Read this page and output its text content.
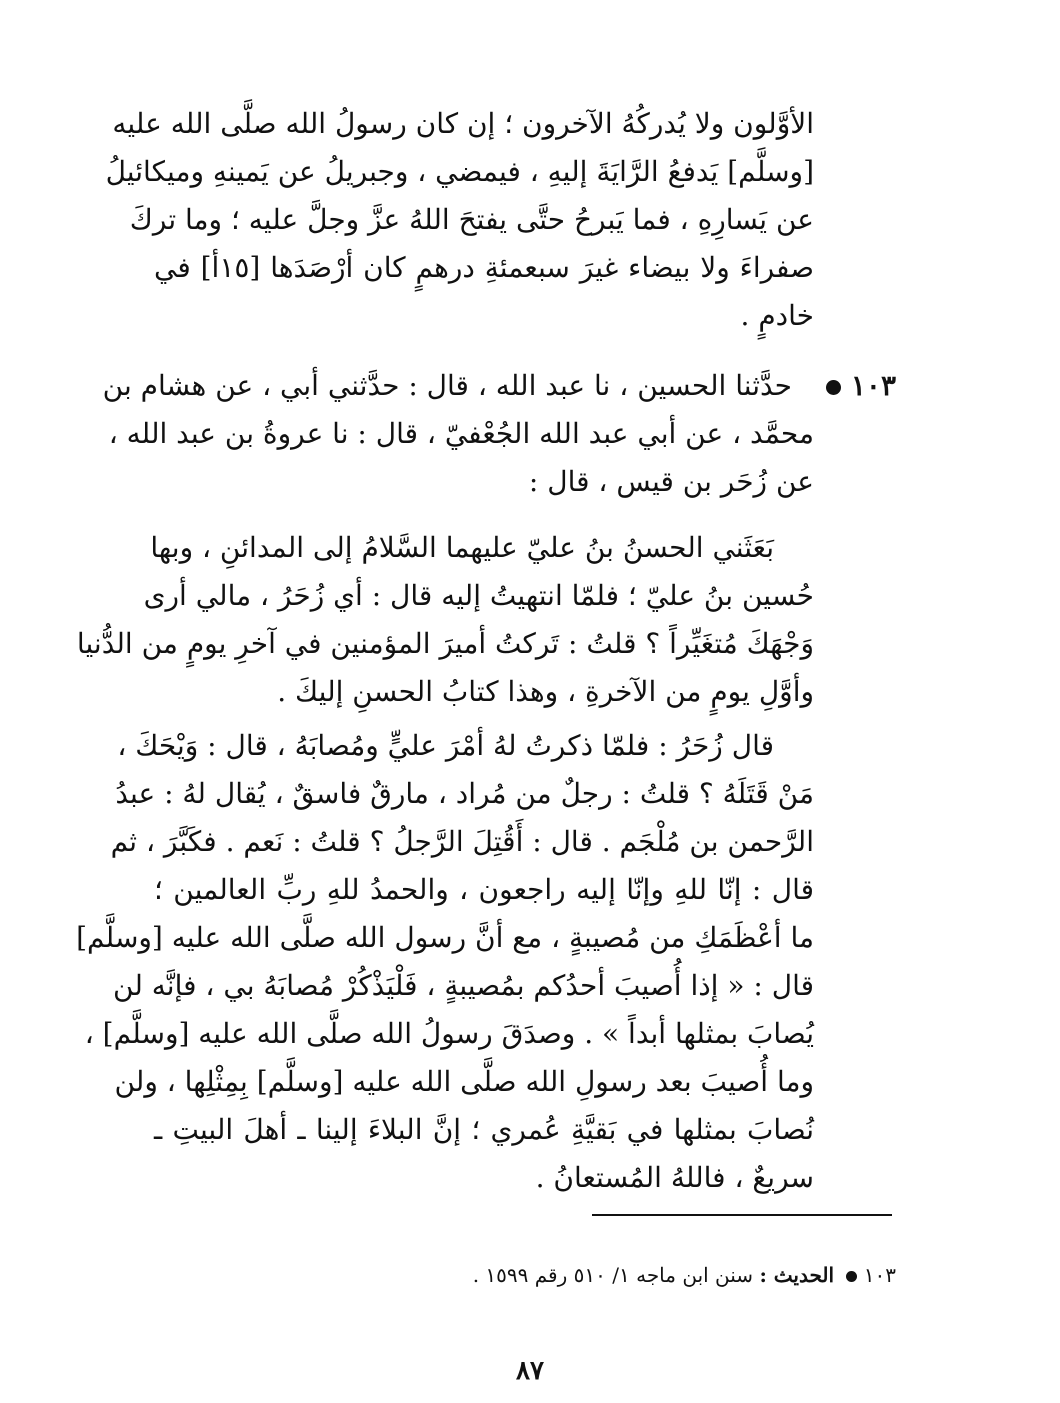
الأوَّلون ولا يُدركُهُ الآخرون ؛ إن كان رسولُ الله صلَّى الله عليه
[وسلَّم] يَدفعُ الرَّايَةَ إليهِ ، فيمضي ، وجبريلُ عن يَمينهِ وميكائيلُ
عن يَسارِهِ ، فما يَبرحُ حتَّى يفتحَ اللهُ عزَّ وجلَّ عليه ؛ وما تركَ
صفراءَ ولا بيضاء غيرَ سبعمئةِ درهمٍ كان أرْصَدَها [١٥أ] في
خادمٍ .
١٠٣
حدَّثنا الحسين ، نا عبد الله ، قال : حدَّثني أبي ، عن هشام بن
محمَّد ، عن أبي عبد الله الجُعْفيّ ، قال : نا عروةُ بن عبد الله ،
عن زُحَر بن قيس ، قال :
بَعَثَني الحسنُ بنُ عليّ عليهما السَّلامُ إلى المدائنِ ، وبها
حُسين بنُ عليّ ؛ فلمّا انتهيتُ إليه قال : أي زُحَرُ ، مالي أرى
وَجْهَكَ مُتغَيِّراً ؟ قلتُ : تَركتُ أميرَ المؤمنين في آخرِ يومٍ من الدُّنيا
وأوَّلِ يومٍ من الآخرةِ ، وهذا كتابُ الحسنِ إليكَ .
قال زُحَرُ : فلمّا ذكرتُ لهُ أمْرَ عليٍّ ومُصابَهُ ، قال : وَيْحَكَ ،
مَنْ قَتَلَهُ ؟ قلتُ : رجلٌ من مُراد ، مارقٌ فاسقٌ ، يُقال لهُ : عبدُ
الرَّحمن بن مُلْجَم . قال : أَقُتِلَ الرَّجلُ ؟ قلتُ : نَعم . فكَبَّرَ ، ثم
قال : إنّا للهِ وإنّا إليه راجعون ، والحمدُ للهِ ربِّ العالمين ؛
ما أعْظَمَكِ من مُصيبةٍ ، مع أنَّ رسول الله صلَّى الله عليه [وسلَّم]
قال : « إذا أُصيبَ أحدُكم بمُصيبةٍ ، فَلْيَذْكُرْ مُصابَهُ بي ، فإنَّه لن
يُصابَ بمثلها أبداً » . وصدَقَ رسولُ الله صلَّى الله عليه [وسلَّم] ،
وما أُصيبَ بعد رسولِ الله صلَّى الله عليه [وسلَّم] بِمِثْلِها ، ولن
نُصابَ بمثلها في بَقيَّةِ عُمري ؛ إنَّ البلاءَ إلينا ـ أهلَ البيتِ ـ
سريعٌ ، فاللهُ المُستعانُ .
١٠٣  الحديث : سنن ابن ماجه ١/ ٥١٠ رقم ١٥٩٩ .
٨٧
